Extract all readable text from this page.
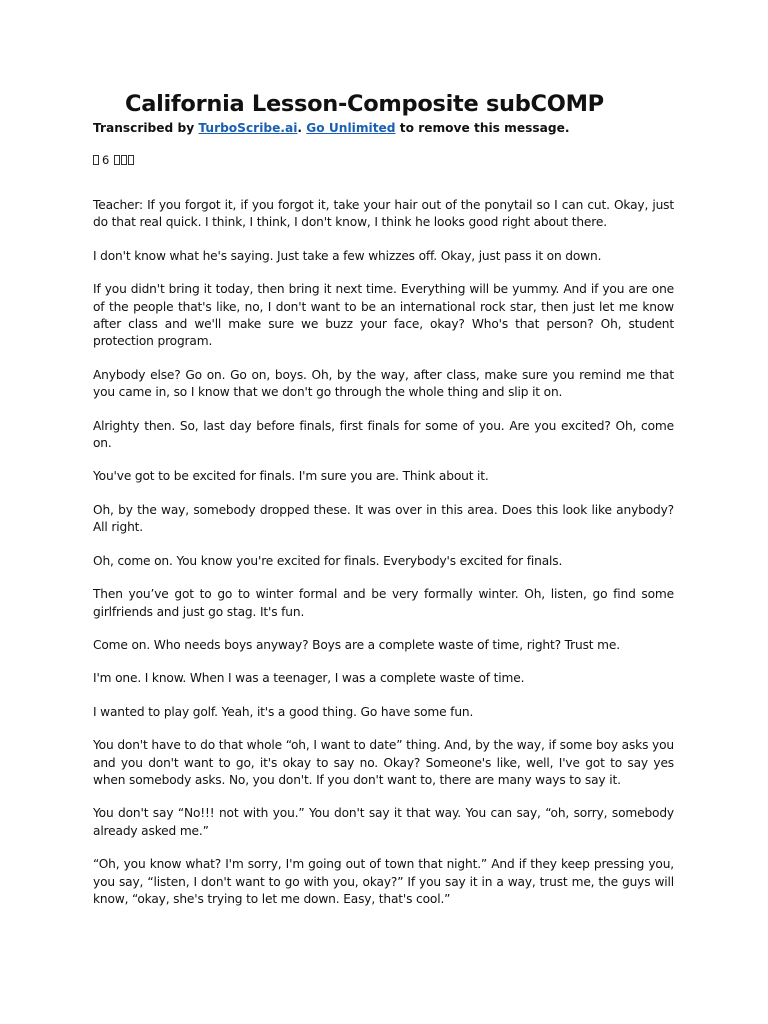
California Lesson-Composite subCOMP
Transcribed by TurboScribe.ai. Go Unlimited to remove this message.
6

Teacher: If you forgot it, if you forgot it, take your hair out of the ponytail so I can cut. Okay, just do that real quick. I think, I think, I don't know, I think he looks good right about there.

I don't know what he's saying. Just take a few whizzes off. Okay, just pass it on down.

If you didn't bring it today, then bring it next time. Everything will be yummy. And if you are one of the people that's like, no, I don't want to be an international rock star, then just let me know after class and we'll make sure we buzz your face, okay? Who's that person? Oh, student protection program.

Anybody else? Go on. Go on, boys. Oh, by the way, after class, make sure you remind me that you came in, so I know that we don't go through the whole thing and slip it on.

Alrighty then. So, last day before finals, first finals for some of you. Are you excited? Oh, come on.

You've got to be excited for finals. I'm sure you are. Think about it.

Oh, by the way, somebody dropped these. It was over in this area. Does this look like anybody? All right.

Oh, come on. You know you're excited for finals. Everybody's excited for finals.

Then you’ve got to go to winter formal and be very formally winter. Oh, listen, go find some girlfriends and just go stag. It's fun.

Come on. Who needs boys anyway? Boys are a complete waste of time, right? Trust me.

I'm one. I know. When I was a teenager, I was a complete waste of time.

I wanted to play golf. Yeah, it's a good thing. Go have some fun.

You don't have to do that whole “oh, I want to date” thing. And, by the way, if some boy asks you and you don't want to go, it's okay to say no. Okay? Someone's like, well, I've got to say yes when somebody asks. No, you don't. If you don't want to, there are many ways to say it.

You don't say “No!!! not with you.” You don't say it that way. You can say, “oh, sorry, somebody already asked me.”

“Oh, you know what? I'm sorry, I'm going out of town that night.” And if they keep pressing you, you say, “listen, I don't want to go with you, okay?” If you say it in a way, trust me, the guys will know, “okay, she's trying to let me down. Easy, that's cool.”
